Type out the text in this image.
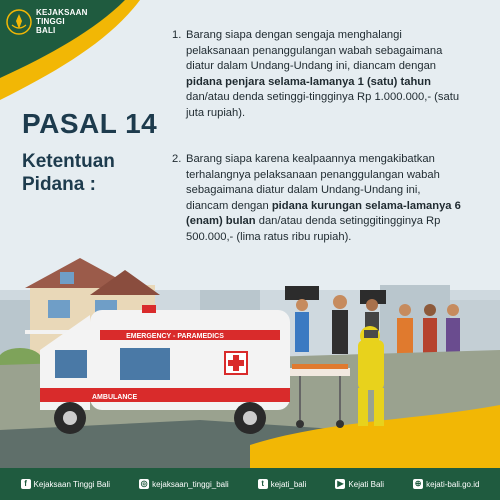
KEJAKSAAN
TINGGI
BALI
PASAL 14
Ketentuan Pidana :
1. Barang siapa dengan sengaja menghalangi pelaksanaan penanggulangan wabah sebagaimana diatur dalam Undang-Undang ini, diancam dengan pidana penjara selama-lamanya 1 (satu) tahun dan/atau denda setinggi-tingginya Rp 1.000.000,- (satu juta rupiah).
2. Barang siapa karena kealpaannya mengakibatkan terhalangnya pelaksanaan penanggulangan wabah sebagaimana diatur dalam Undang-Undang ini, diancam dengan pidana kurungan selama-lamanya 6 (enam) bulan dan/atau denda setinggitingginya Rp 500.000,- (lima ratus ribu rupiah).
EMERGENCY - PARAMEDICS
AMBULANCE
f Kejaksaan Tinggi Bali	◎ kejaksaan_tinggi_bali	t kejati_bali	▶ Kejati Bali	⊕ kejati-bali.go.id
